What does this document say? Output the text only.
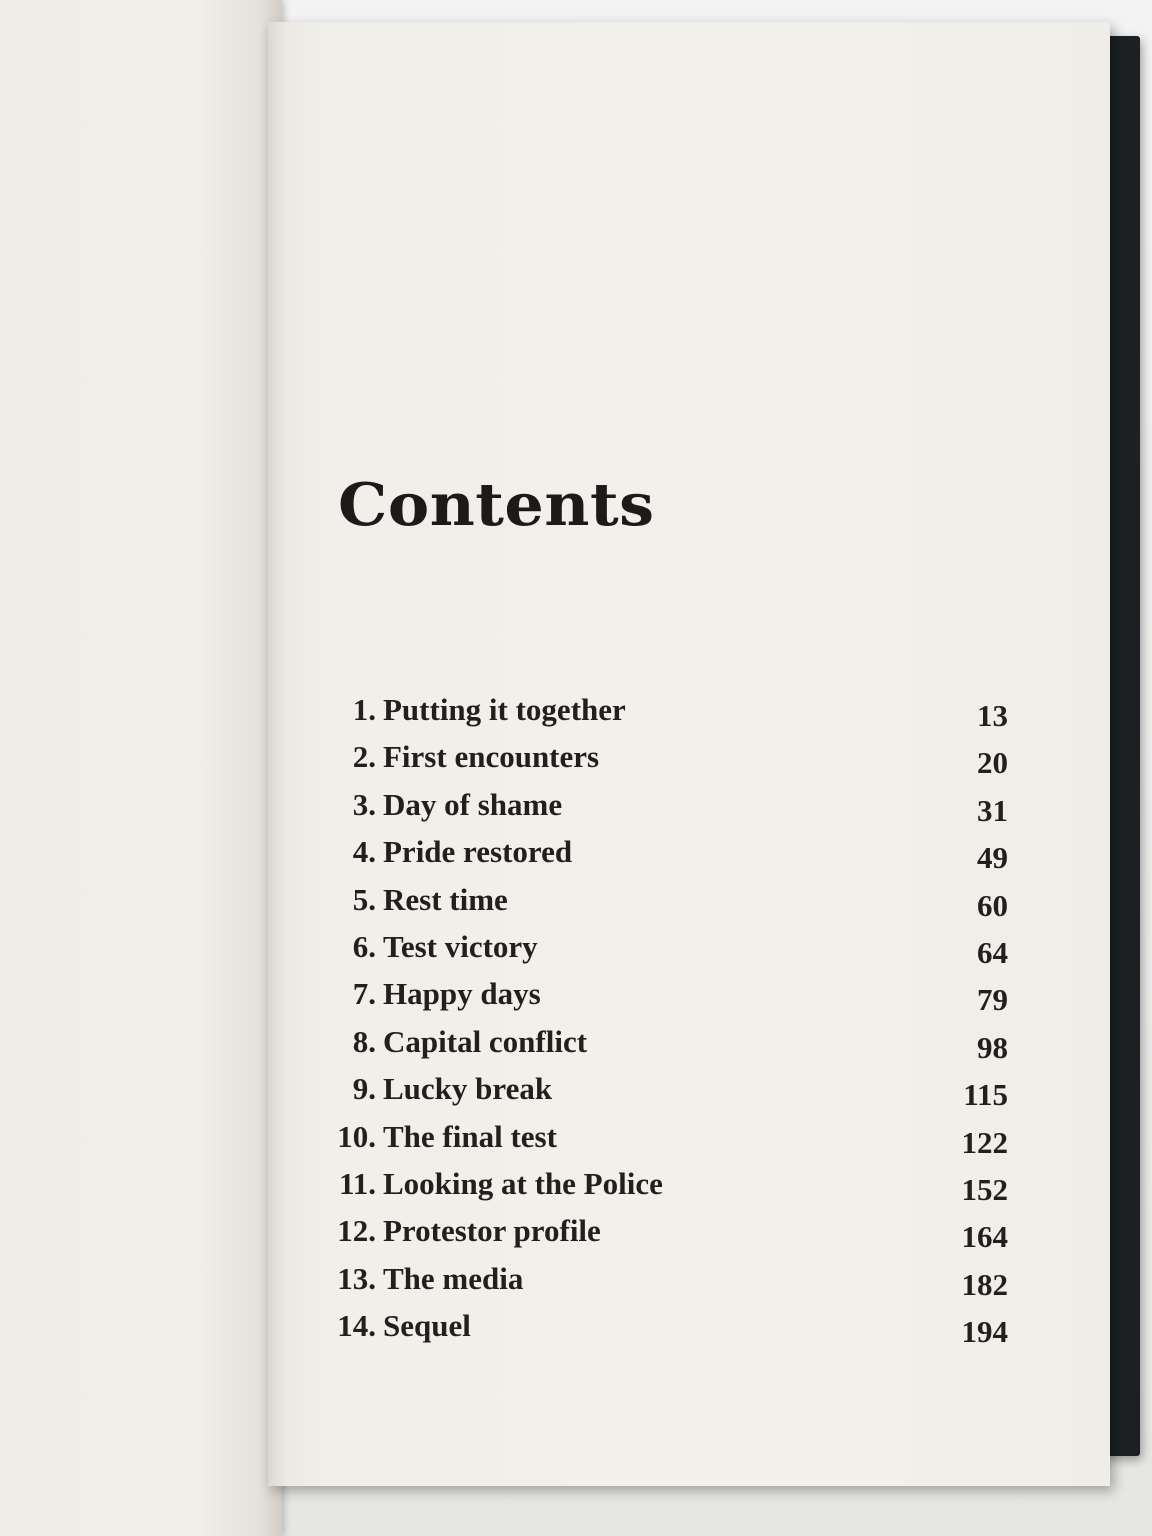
Contents
1. Putting it together	13
2. First encounters	20
3. Day of shame	31
4. Pride restored	49
5. Rest time	60
6. Test victory	64
7. Happy days	79
8. Capital conflict	98
9. Lucky break	115
10. The final test	122
11. Looking at the Police	152
12. Protestor profile	164
13. The media	182
14. Sequel	194
